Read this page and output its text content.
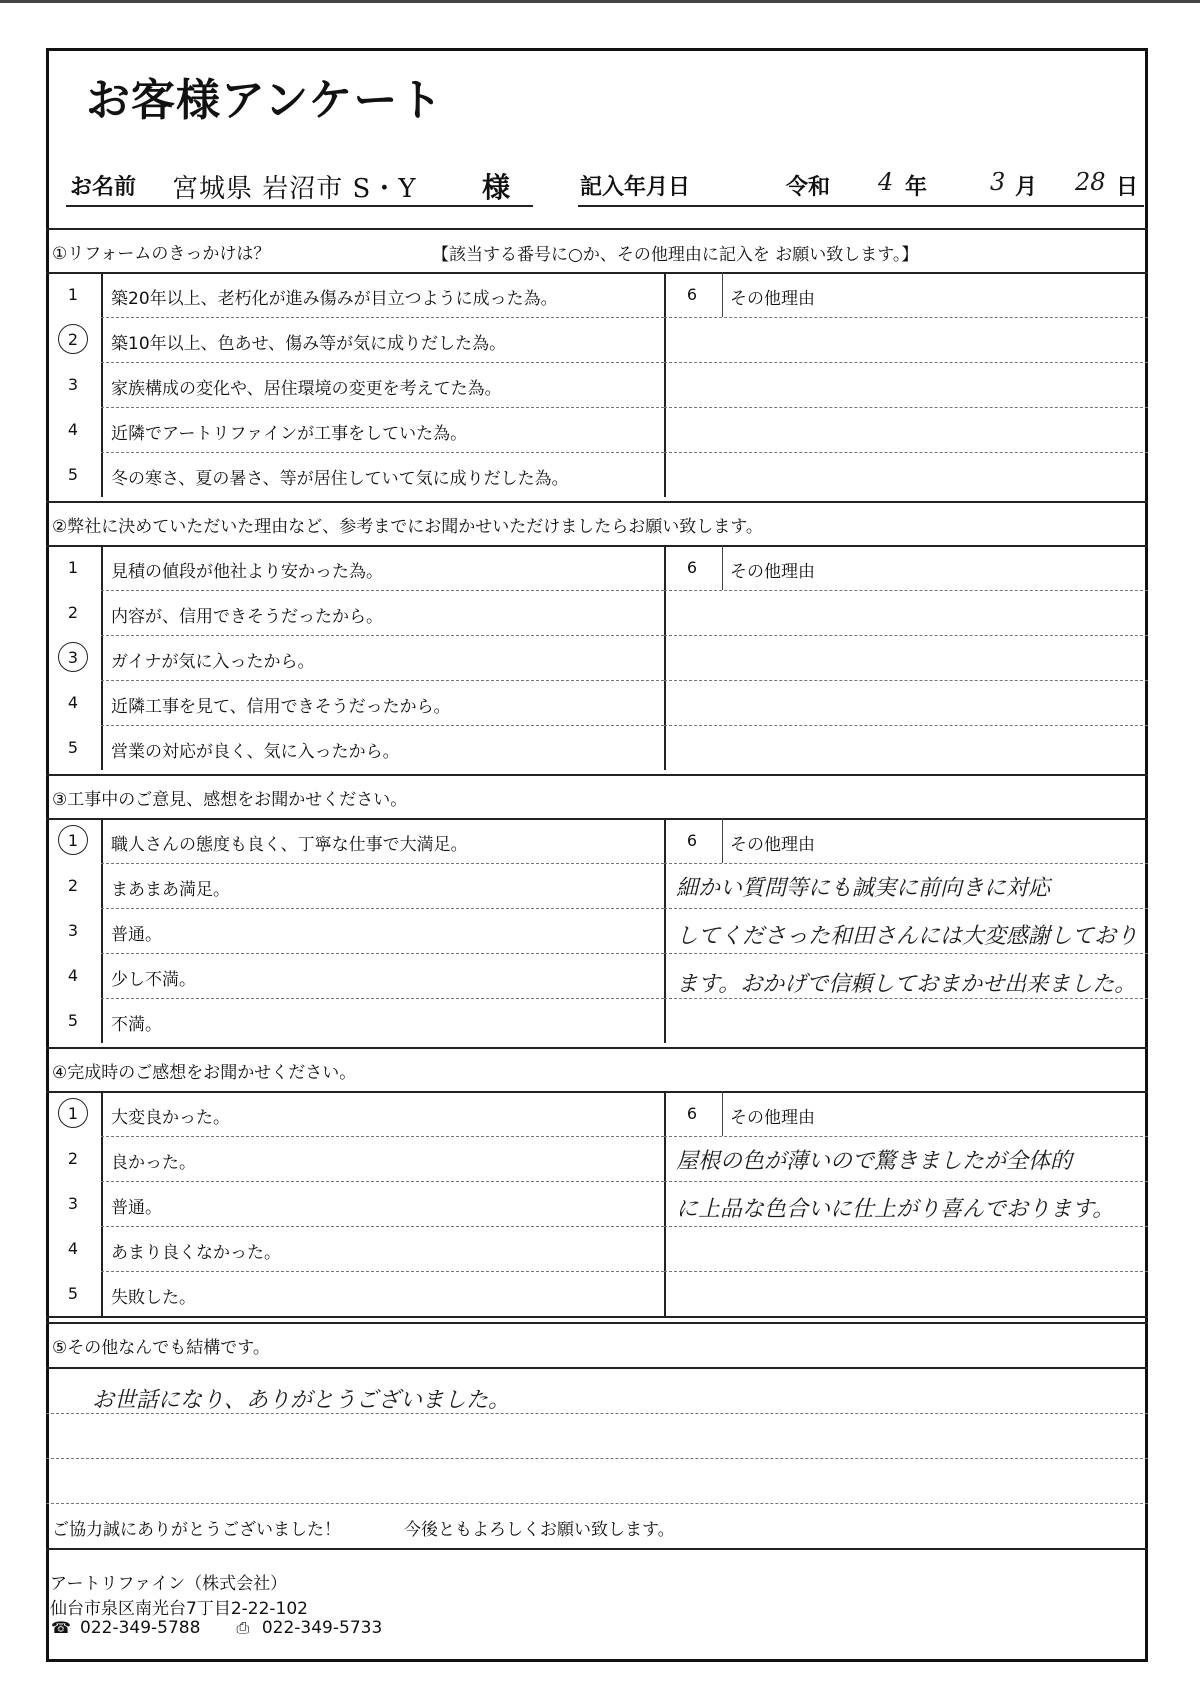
お客様アンケート
お名前 宮城県 岩沼市 S・Y 様	記入年月日	令和 4 年	3 月 28 日
【該当する番号に○か、その他理由に記入を お願い致します。】
①リフォームのきっかけは？
1	築20年以上、老朽化が進み傷みが目立つように成った為。
2	築10年以上、色あせ、傷み等が気に成りだした為。
3	家族構成の変化や、居住環境の変更を考えてた為。
4	近隣でアートリファインが工事をしていた為。
5	冬の寒さ、夏の暑さ、等が居住していて気に成りだした為。
6	その他理由
②弊社に決めていただいた理由など、参考までにお聞かせいただけましたらお願い致します。
1	見積の値段が他社より安かった為。
2	内容が、信用できそうだったから。
3	ガイナが気に入ったから。
4	近隣工事を見て、信用できそうだったから。
5	営業の対応が良く、気に入ったから。
6	その他理由
③工事中のご意見、感想をお聞かせください。
1	職人さんの態度も良く、丁寧な仕事で大満足。
2	まあまあ満足。
3	普通。
4	少し不満。
5	不満。
6	その他理由
細かい質問等にも誠実に前向きに対応
してくださった和田さんには大変感謝しており
ます。おかげで信頼しておまかせ出来ました。
④完成時のご感想をお聞かせください。
1	大変良かった。
2	良かった。
3	普通。
4	あまり良くなかった。
5	失敗した。
6	その他理由
屋根の色が薄いので驚きましたが全体的
に上品な色合いに仕上がり喜んでおります。
⑤その他なんでも結構です。
お世話になり、ありがとうございました。
ご協力誠にありがとうございました！	今後ともよろしくお願い致します。
アートリファイン（株式会社）
仙台市泉区南光台7丁目2-22-102
☎ 022-349-5788 ⎙ 022-349-5733
